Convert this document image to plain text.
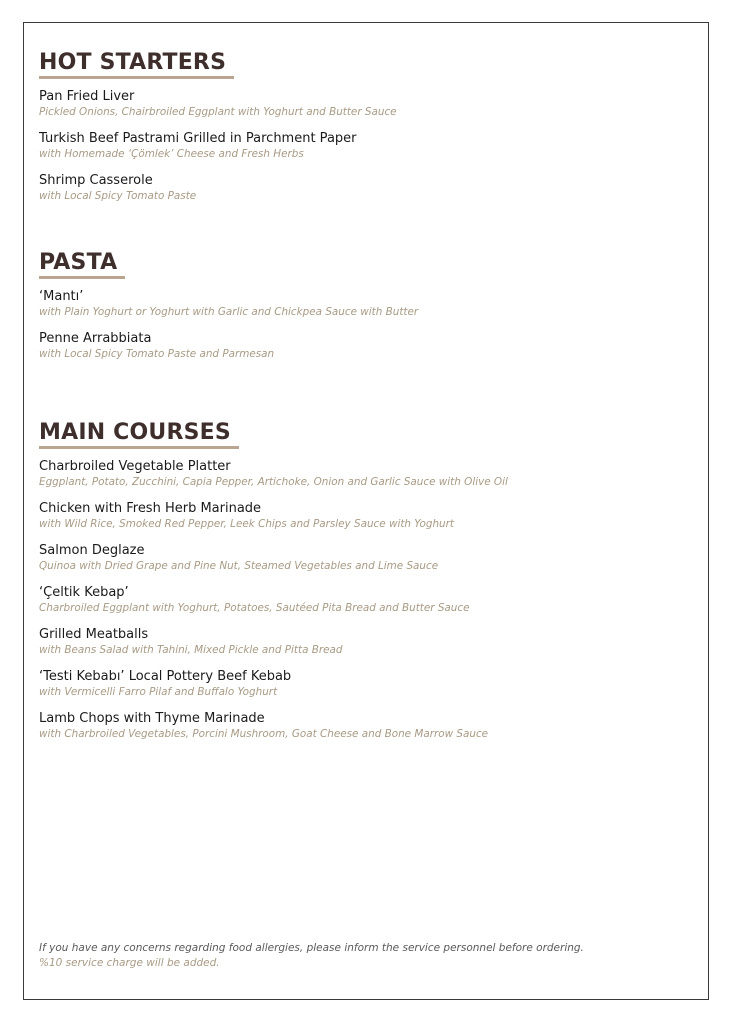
HOT STARTERS
Pan Fried Liver
Pickled Onions, Chairbroiled Eggplant with Yoghurt and Butter Sauce
Turkish Beef Pastrami Grilled in Parchment Paper
with Homemade ‘Çömlek’ Cheese and Fresh Herbs
Shrimp Casserole
with Local Spicy Tomato Paste
PASTA
‘Mantı’
with Plain Yoghurt or Yoghurt with Garlic and Chickpea Sauce with Butter
Penne Arrabbiata
with Local Spicy Tomato Paste and Parmesan
MAIN COURSES
Charbroiled Vegetable Platter
Eggplant, Potato, Zucchini, Capia Pepper, Artichoke, Onion and Garlic Sauce with Olive Oil
Chicken with Fresh Herb Marinade
with Wild Rice, Smoked Red Pepper, Leek Chips and Parsley Sauce with Yoghurt
Salmon Deglaze
Quinoa with Dried Grape and Pine Nut, Steamed Vegetables and Lime Sauce
‘Çeltik Kebap’
Charbroiled Eggplant with Yoghurt, Potatoes, Sautéed Pita Bread and Butter Sauce
Grilled Meatballs
with Beans Salad with Tahini, Mixed Pickle and Pitta Bread
‘Testi Kebabı’ Local Pottery Beef Kebab
with Vermicelli Farro Pilaf and Buffalo Yoghurt
Lamb Chops with Thyme Marinade
with Charbroiled Vegetables, Porcini Mushroom, Goat Cheese and Bone Marrow Sauce
If you have any concerns regarding food allergies, please inform the service personnel before ordering.
%10 service charge will be added.
